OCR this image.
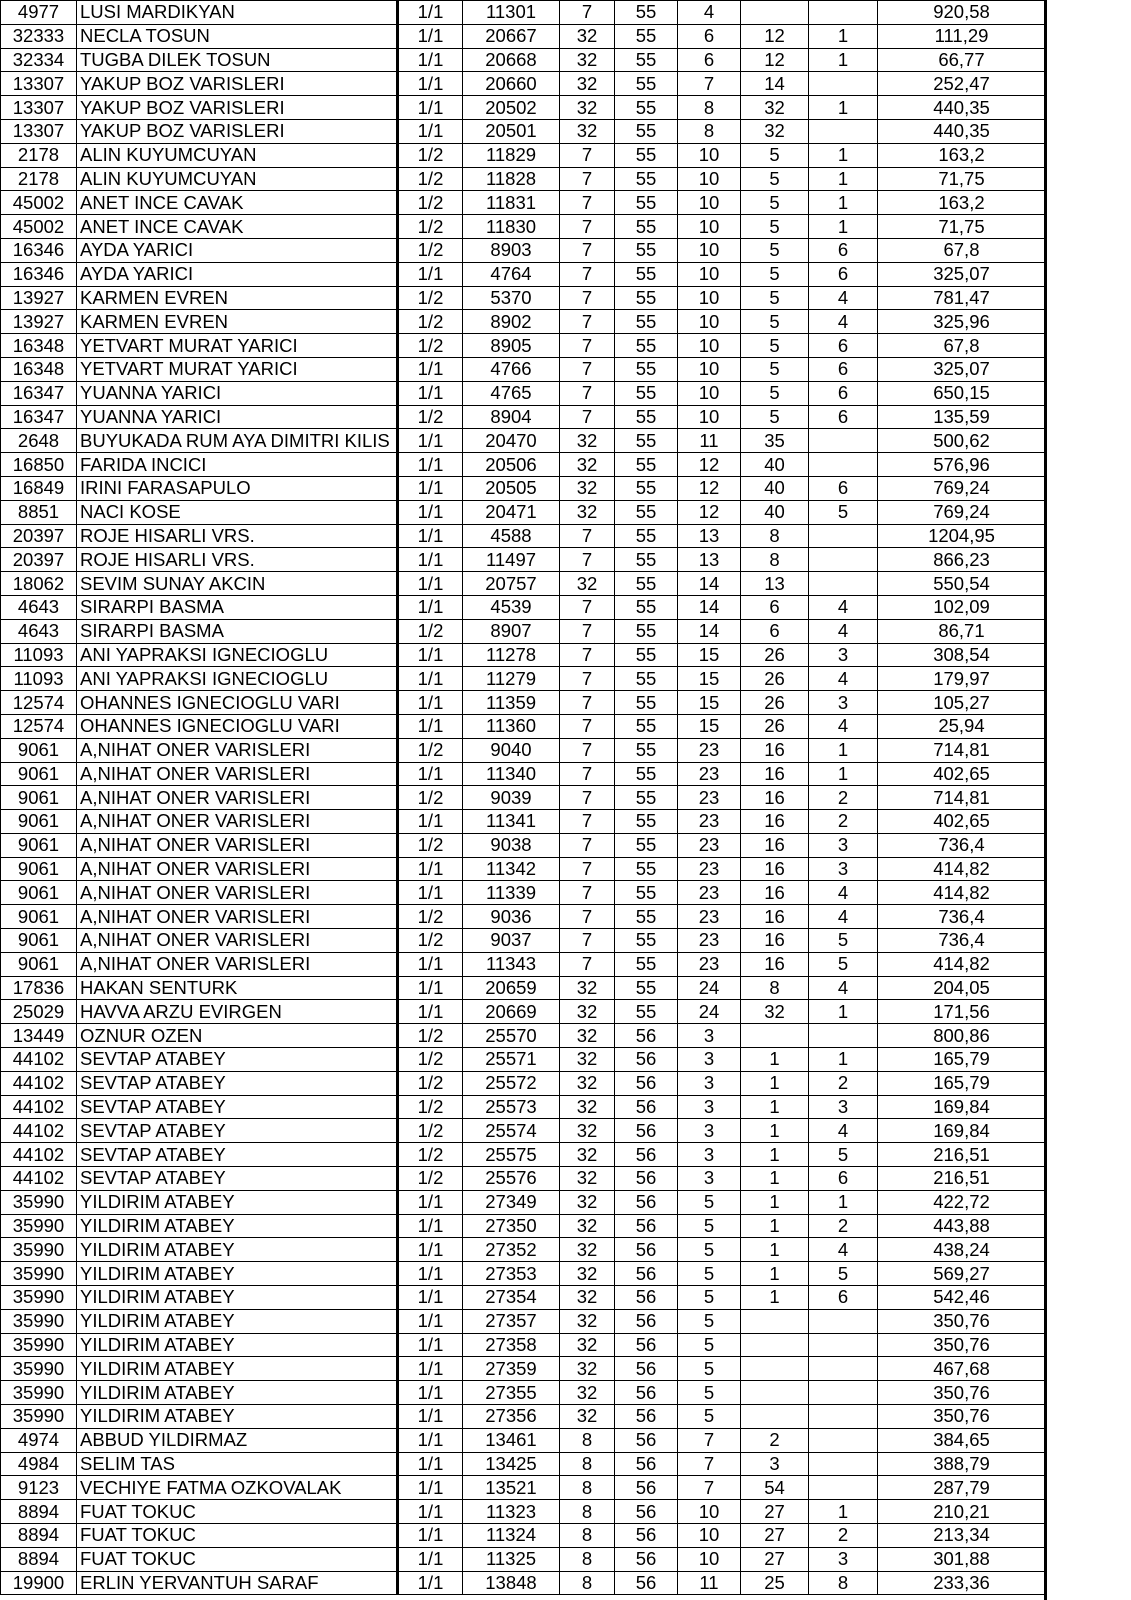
4977	LUSI MARDIKYAN	1/1	11301	7	55	4			920,58
32333	NECLA TOSUN	1/1	20667	32	55	6	12	1	111,29
32334	TUGBA DILEK TOSUN	1/1	20668	32	55	6	12	1	66,77
13307	YAKUP BOZ VARISLERI	1/1	20660	32	55	7	14		252,47
13307	YAKUP BOZ VARISLERI	1/1	20502	32	55	8	32	1	440,35
13307	YAKUP BOZ VARISLERI	1/1	20501	32	55	8	32		440,35
2178	ALIN KUYUMCUYAN	1/2	11829	7	55	10	5	1	163,2
2178	ALIN KUYUMCUYAN	1/2	11828	7	55	10	5	1	71,75
45002	ANET INCE CAVAK	1/2	11831	7	55	10	5	1	163,2
45002	ANET INCE CAVAK	1/2	11830	7	55	10	5	1	71,75
16346	AYDA YARICI	1/2	8903	7	55	10	5	6	67,8
16346	AYDA YARICI	1/1	4764	7	55	10	5	6	325,07
13927	KARMEN EVREN	1/2	5370	7	55	10	5	4	781,47
13927	KARMEN EVREN	1/2	8902	7	55	10	5	4	325,96
16348	YETVART MURAT YARICI	1/2	8905	7	55	10	5	6	67,8
16348	YETVART MURAT YARICI	1/1	4766	7	55	10	5	6	325,07
16347	YUANNA YARICI	1/1	4765	7	55	10	5	6	650,15
16347	YUANNA YARICI	1/2	8904	7	55	10	5	6	135,59
2648	BUYUKADA RUM AYA DIMITRI KILIS	1/1	20470	32	55	11	35		500,62
16850	FARIDA INCICI	1/1	20506	32	55	12	40		576,96
16849	IRINI FARASAPULO	1/1	20505	32	55	12	40	6	769,24
8851	NACI KOSE	1/1	20471	32	55	12	40	5	769,24
20397	ROJE HISARLI VRS.	1/1	4588	7	55	13	8		1204,95
20397	ROJE HISARLI VRS.	1/1	11497	7	55	13	8		866,23
18062	SEVIM SUNAY AKCIN	1/1	20757	32	55	14	13		550,54
4643	SIRARPI BASMA	1/1	4539	7	55	14	6	4	102,09
4643	SIRARPI BASMA	1/2	8907	7	55	14	6	4	86,71
11093	ANI YAPRAKSI IGNECIOGLU	1/1	11278	7	55	15	26	3	308,54
11093	ANI YAPRAKSI IGNECIOGLU	1/1	11279	7	55	15	26	4	179,97
12574	OHANNES IGNECIOGLU VARI	1/1	11359	7	55	15	26	3	105,27
12574	OHANNES IGNECIOGLU VARI	1/1	11360	7	55	15	26	4	25,94
9061	A,NIHAT ONER VARISLERI	1/2	9040	7	55	23	16	1	714,81
9061	A,NIHAT ONER VARISLERI	1/1	11340	7	55	23	16	1	402,65
9061	A,NIHAT ONER VARISLERI	1/2	9039	7	55	23	16	2	714,81
9061	A,NIHAT ONER VARISLERI	1/1	11341	7	55	23	16	2	402,65
9061	A,NIHAT ONER VARISLERI	1/2	9038	7	55	23	16	3	736,4
9061	A,NIHAT ONER VARISLERI	1/1	11342	7	55	23	16	3	414,82
9061	A,NIHAT ONER VARISLERI	1/1	11339	7	55	23	16	4	414,82
9061	A,NIHAT ONER VARISLERI	1/2	9036	7	55	23	16	4	736,4
9061	A,NIHAT ONER VARISLERI	1/2	9037	7	55	23	16	5	736,4
9061	A,NIHAT ONER VARISLERI	1/1	11343	7	55	23	16	5	414,82
17836	HAKAN SENTURK	1/1	20659	32	55	24	8	4	204,05
25029	HAVVA ARZU EVIRGEN	1/1	20669	32	55	24	32	1	171,56
13449	OZNUR OZEN	1/2	25570	32	56	3			800,86
44102	SEVTAP ATABEY	1/2	25571	32	56	3	1	1	165,79
44102	SEVTAP ATABEY	1/2	25572	32	56	3	1	2	165,79
44102	SEVTAP ATABEY	1/2	25573	32	56	3	1	3	169,84
44102	SEVTAP ATABEY	1/2	25574	32	56	3	1	4	169,84
44102	SEVTAP ATABEY	1/2	25575	32	56	3	1	5	216,51
44102	SEVTAP ATABEY	1/2	25576	32	56	3	1	6	216,51
35990	YILDIRIM ATABEY	1/1	27349	32	56	5	1	1	422,72
35990	YILDIRIM ATABEY	1/1	27350	32	56	5	1	2	443,88
35990	YILDIRIM ATABEY	1/1	27352	32	56	5	1	4	438,24
35990	YILDIRIM ATABEY	1/1	27353	32	56	5	1	5	569,27
35990	YILDIRIM ATABEY	1/1	27354	32	56	5	1	6	542,46
35990	YILDIRIM ATABEY	1/1	27357	32	56	5			350,76
35990	YILDIRIM ATABEY	1/1	27358	32	56	5			350,76
35990	YILDIRIM ATABEY	1/1	27359	32	56	5			467,68
35990	YILDIRIM ATABEY	1/1	27355	32	56	5			350,76
35990	YILDIRIM ATABEY	1/1	27356	32	56	5			350,76
4974	ABBUD YILDIRMAZ	1/1	13461	8	56	7	2		384,65
4984	SELIM TAS	1/1	13425	8	56	7	3		388,79
9123	VECHIYE FATMA OZKOVALAK	1/1	13521	8	56	7	54		287,79
8894	FUAT TOKUC	1/1	11323	8	56	10	27	1	210,21
8894	FUAT TOKUC	1/1	11324	8	56	10	27	2	213,34
8894	FUAT TOKUC	1/1	11325	8	56	10	27	3	301,88
19900	ERLIN YERVANTUH SARAF	1/1	13848	8	56	11	25	8	233,36
